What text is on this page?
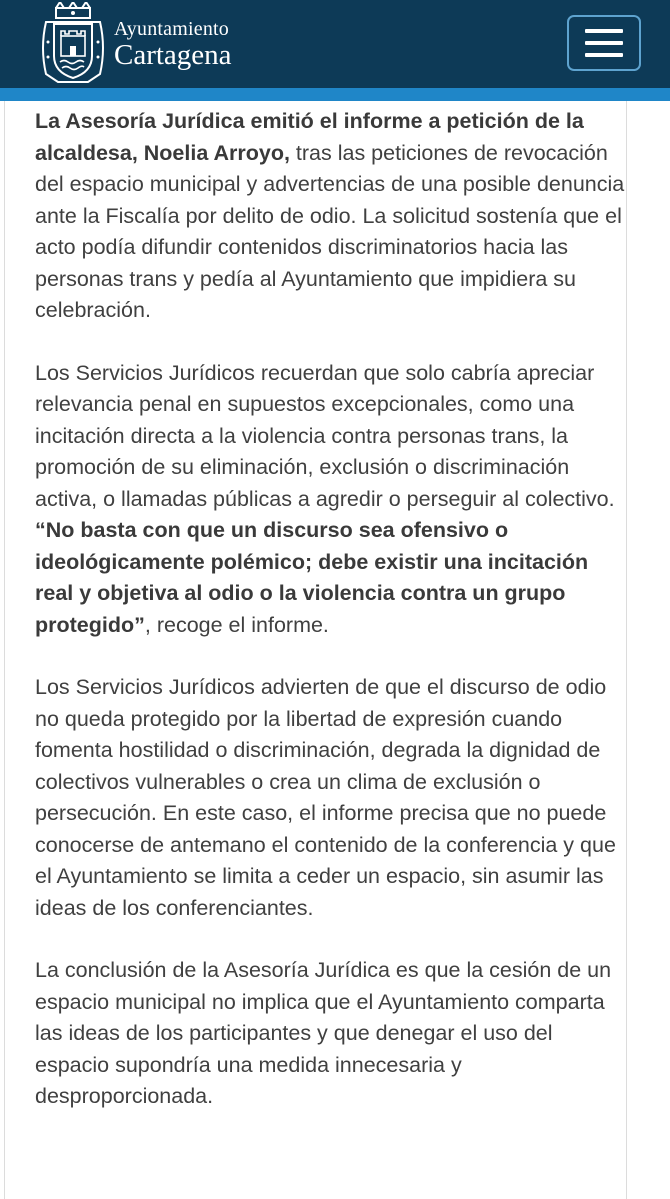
Ayuntamiento
Cartagena

La Asesoría Jurídica emitió el informe a petición de la alcaldesa, Noelia Arroyo, tras las peticiones de revocación del espacio municipal y advertencias de una posible denuncia ante la Fiscalía por delito de odio. La solicitud sostenía que el acto podía difundir contenidos discriminatorios hacia las personas trans y pedía al Ayuntamiento que impidiera su celebración.

Los Servicios Jurídicos recuerdan que solo cabría apreciar relevancia penal en supuestos excepcionales, como una incitación directa a la violencia contra personas trans, la promoción de su eliminación, exclusión o discriminación activa, o llamadas públicas a agredir o perseguir al colectivo. “No basta con que un discurso sea ofensivo o ideológicamente polémico; debe existir una incitación real y objetiva al odio o la violencia contra un grupo protegido”, recoge el informe.

Los Servicios Jurídicos advierten de que el discurso de odio no queda protegido por la libertad de expresión cuando fomenta hostilidad o discriminación, degrada la dignidad de colectivos vulnerables o crea un clima de exclusión o persecución. En este caso, el informe precisa que no puede conocerse de antemano el contenido de la conferencia y que el Ayuntamiento se limita a ceder un espacio, sin asumir las ideas de los conferenciantes.

La conclusión de la Asesoría Jurídica es que la cesión de un espacio municipal no implica que el Ayuntamiento comparta las ideas de los participantes y que denegar el uso del espacio supondría una medida innecesaria y desproporcionada.
